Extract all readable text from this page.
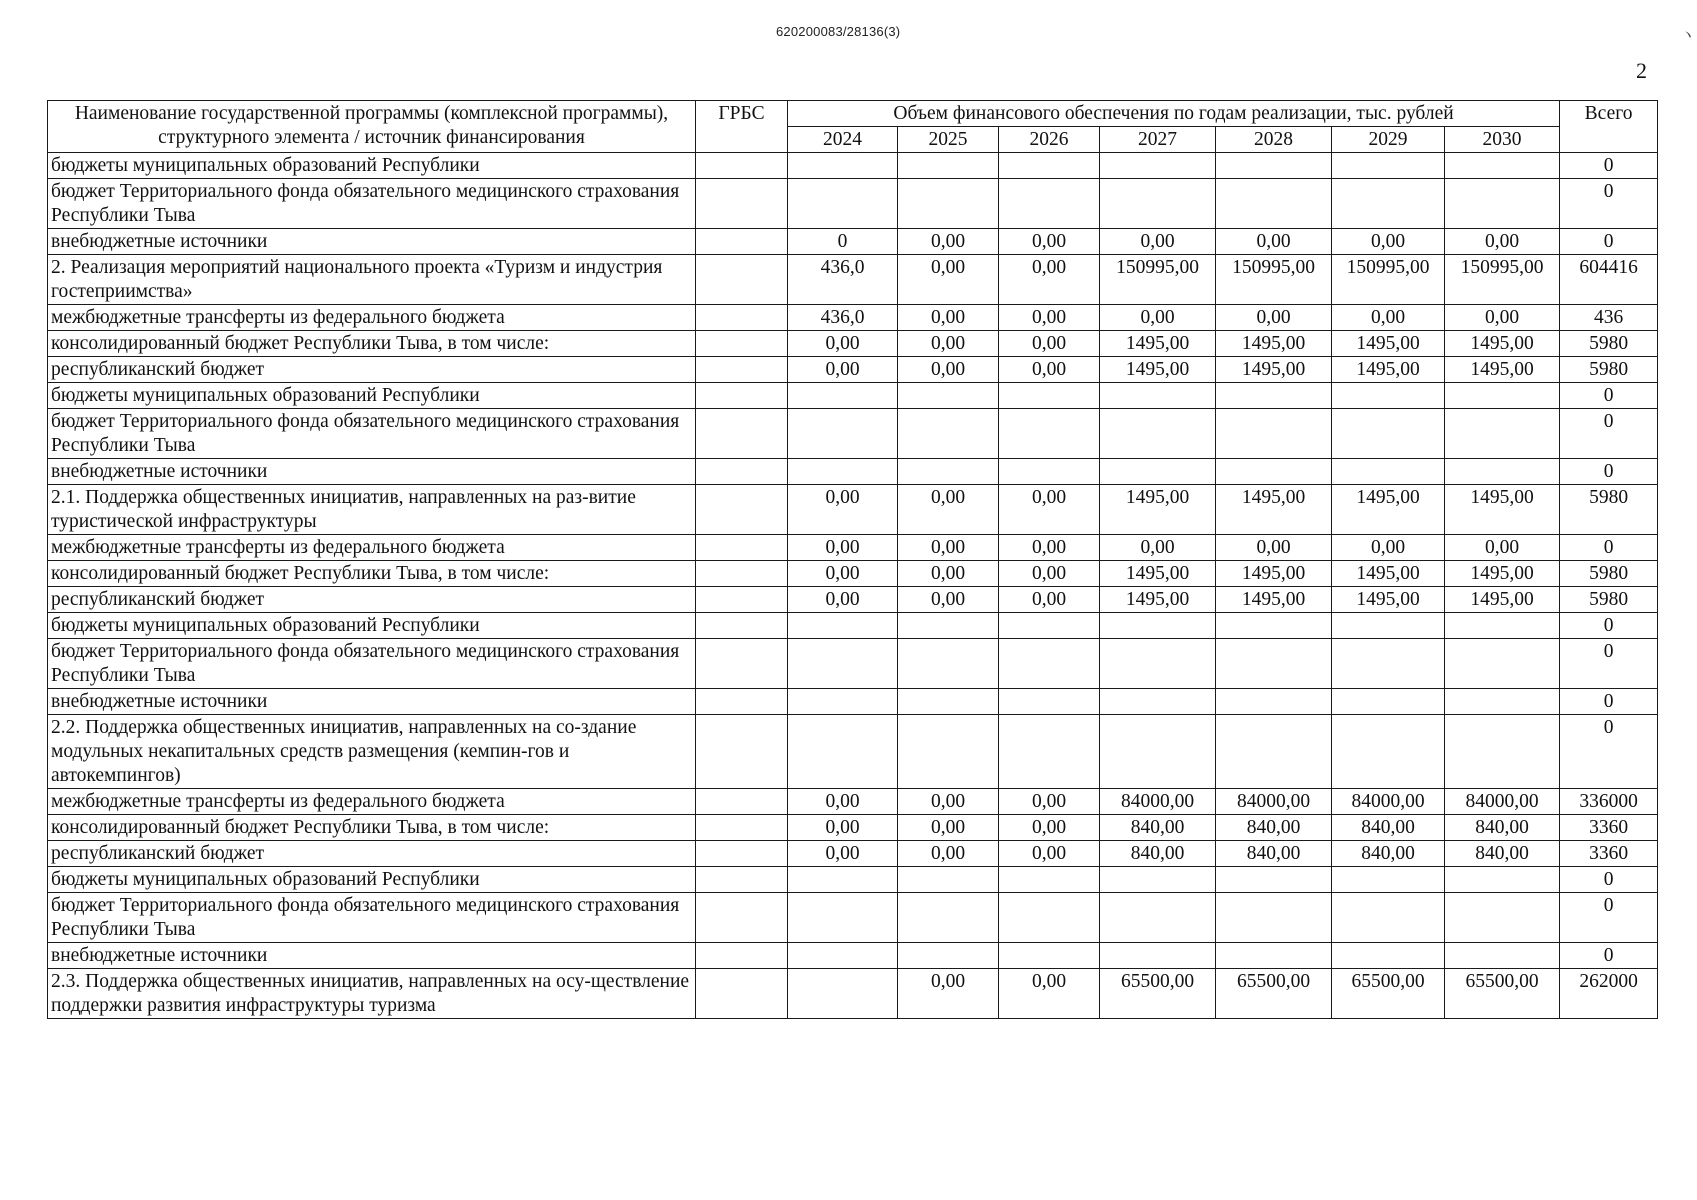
620200083/28136(3)	ヽ
2
Наименование государственной программы (комплексной программы), структурного элемента / источник финансирования	ГРБС	Объем финансового обеспечения по годам реализации, тыс. рублей							Всего
		2024	2025	2026	2027	2028	2029	2030	
бюджеты муниципальных образований Республики									0
бюджет Территориального фонда обязательного медицинского страхования Республики Тыва									0
внебюджетные источники		0	0,00	0,00	0,00	0,00	0,00	0,00	0
2. Реализация мероприятий национального проекта «Туризм и индустрия гостеприимства»		436,0	0,00	0,00	150995,00	150995,00	150995,00	150995,00	604416
межбюджетные трансферты из федерального бюджета		436,0	0,00	0,00	0,00	0,00	0,00	0,00	436
консолидированный бюджет Республики Тыва, в том числе:		0,00	0,00	0,00	1495,00	1495,00	1495,00	1495,00	5980
республиканский бюджет		0,00	0,00	0,00	1495,00	1495,00	1495,00	1495,00	5980
бюджеты муниципальных образований Республики									0
бюджет Территориального фонда обязательного медицинского страхования Республики Тыва									0
внебюджетные источники									0
2.1. Поддержка общественных инициатив, направленных на раз-витие туристической инфраструктуры		0,00	0,00	0,00	1495,00	1495,00	1495,00	1495,00	5980
межбюджетные трансферты из федерального бюджета		0,00	0,00	0,00	0,00	0,00	0,00	0,00	0
консолидированный бюджет Республики Тыва, в том числе:		0,00	0,00	0,00	1495,00	1495,00	1495,00	1495,00	5980
республиканский бюджет		0,00	0,00	0,00	1495,00	1495,00	1495,00	1495,00	5980
бюджеты муниципальных образований Республики									0
бюджет Территориального фонда обязательного медицинского страхования Республики Тыва									0
внебюджетные источники									0
2.2. Поддержка общественных инициатив, направленных на со-здание модульных некапитальных средств размещения (кемпин-гов и автокемпингов)									0
межбюджетные трансферты из федерального бюджета		0,00	0,00	0,00	84000,00	84000,00	84000,00	84000,00	336000
консолидированный бюджет Республики Тыва, в том числе:		0,00	0,00	0,00	840,00	840,00	840,00	840,00	3360
республиканский бюджет		0,00	0,00	0,00	840,00	840,00	840,00	840,00	3360
бюджеты муниципальных образований Республики									0
бюджет Территориального фонда обязательного медицинского страхования Республики Тыва									0
внебюджетные источники									0
2.3. Поддержка общественных инициатив, направленных на осу-ществление поддержки развития инфраструктуры туризма			0,00	0,00	65500,00	65500,00	65500,00	65500,00	262000
